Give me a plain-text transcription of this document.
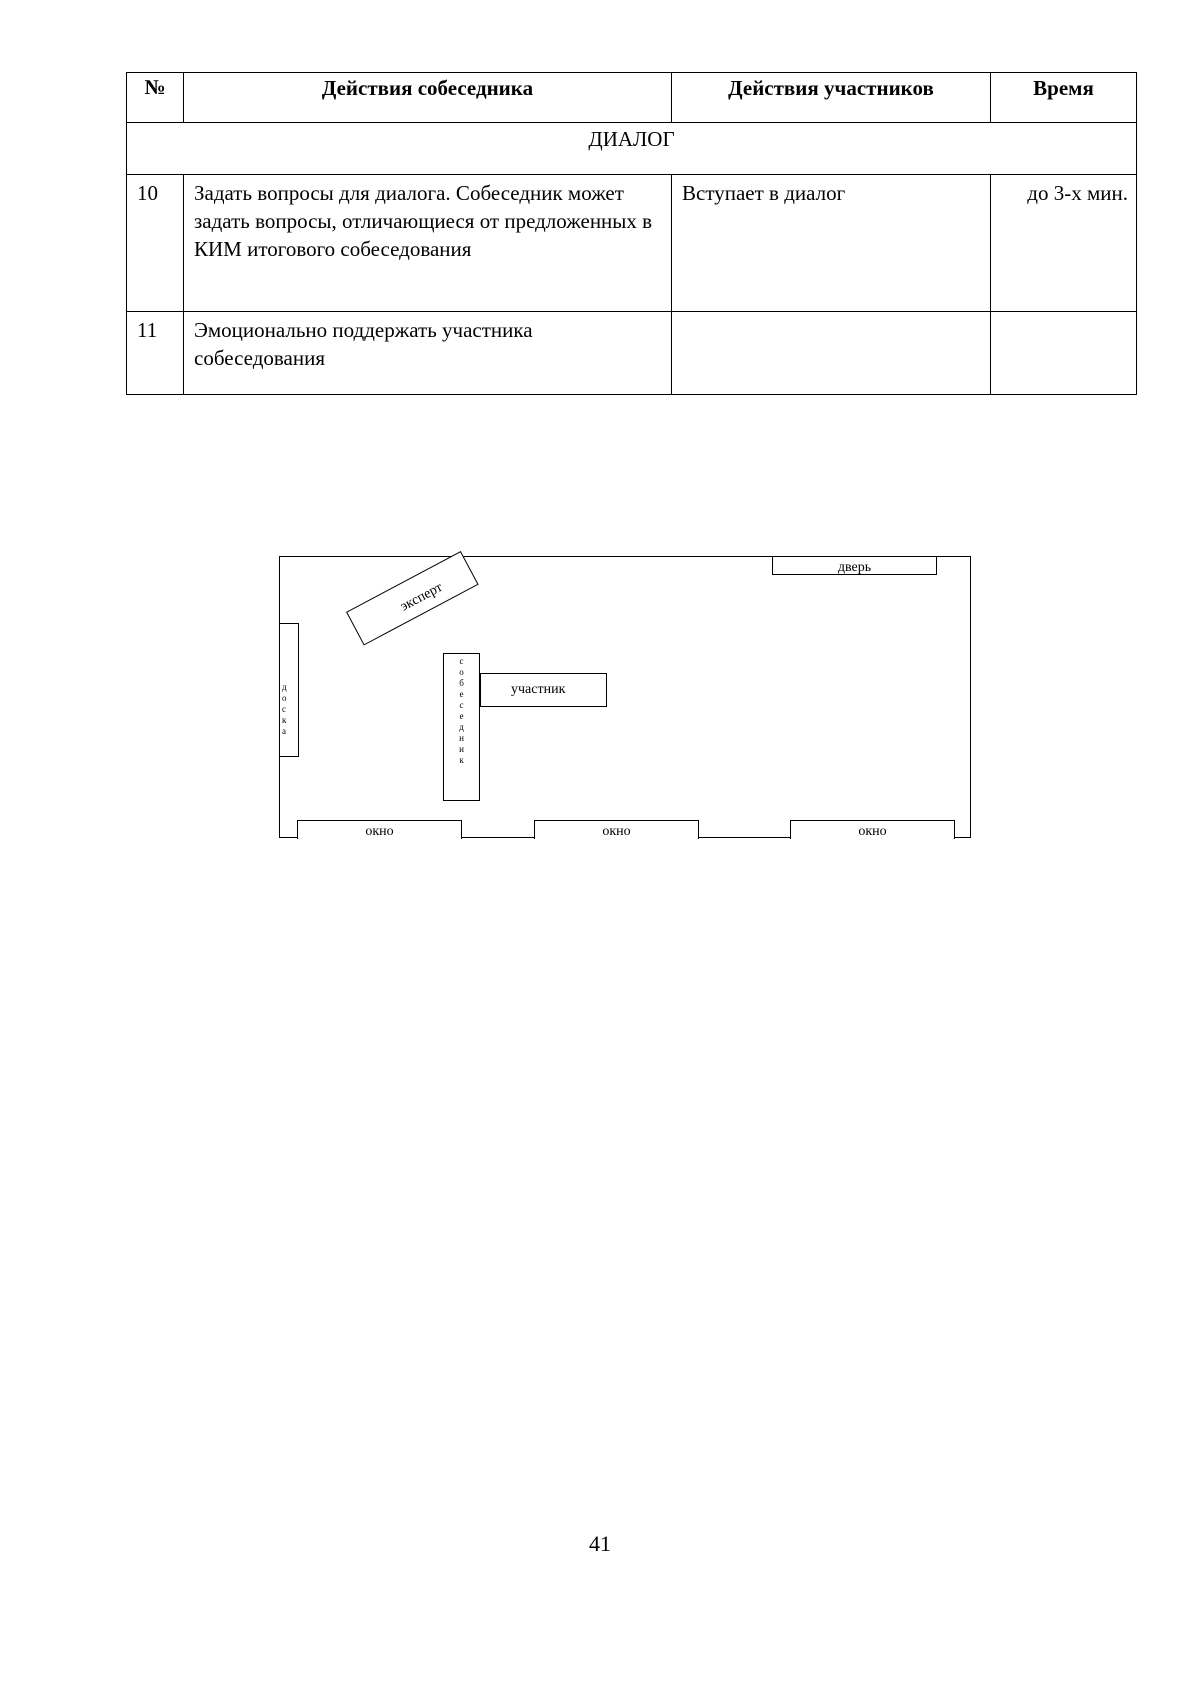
№	Действия собеседника	Действия участников	Время
ДИАЛОГ			
10	Задать вопросы для диалога. Собеседник может задать вопросы, отличающиеся от предложенных в КИМ итогового собеседования	Вступает в диалог	до 3-х мин.
11	Эмоционально поддержать участника собеседования		
дверь
эксперт
д
о
с
к
а
с
о
б
е
с
е
д
н
и
к
участник
окно	окно	окно
41
